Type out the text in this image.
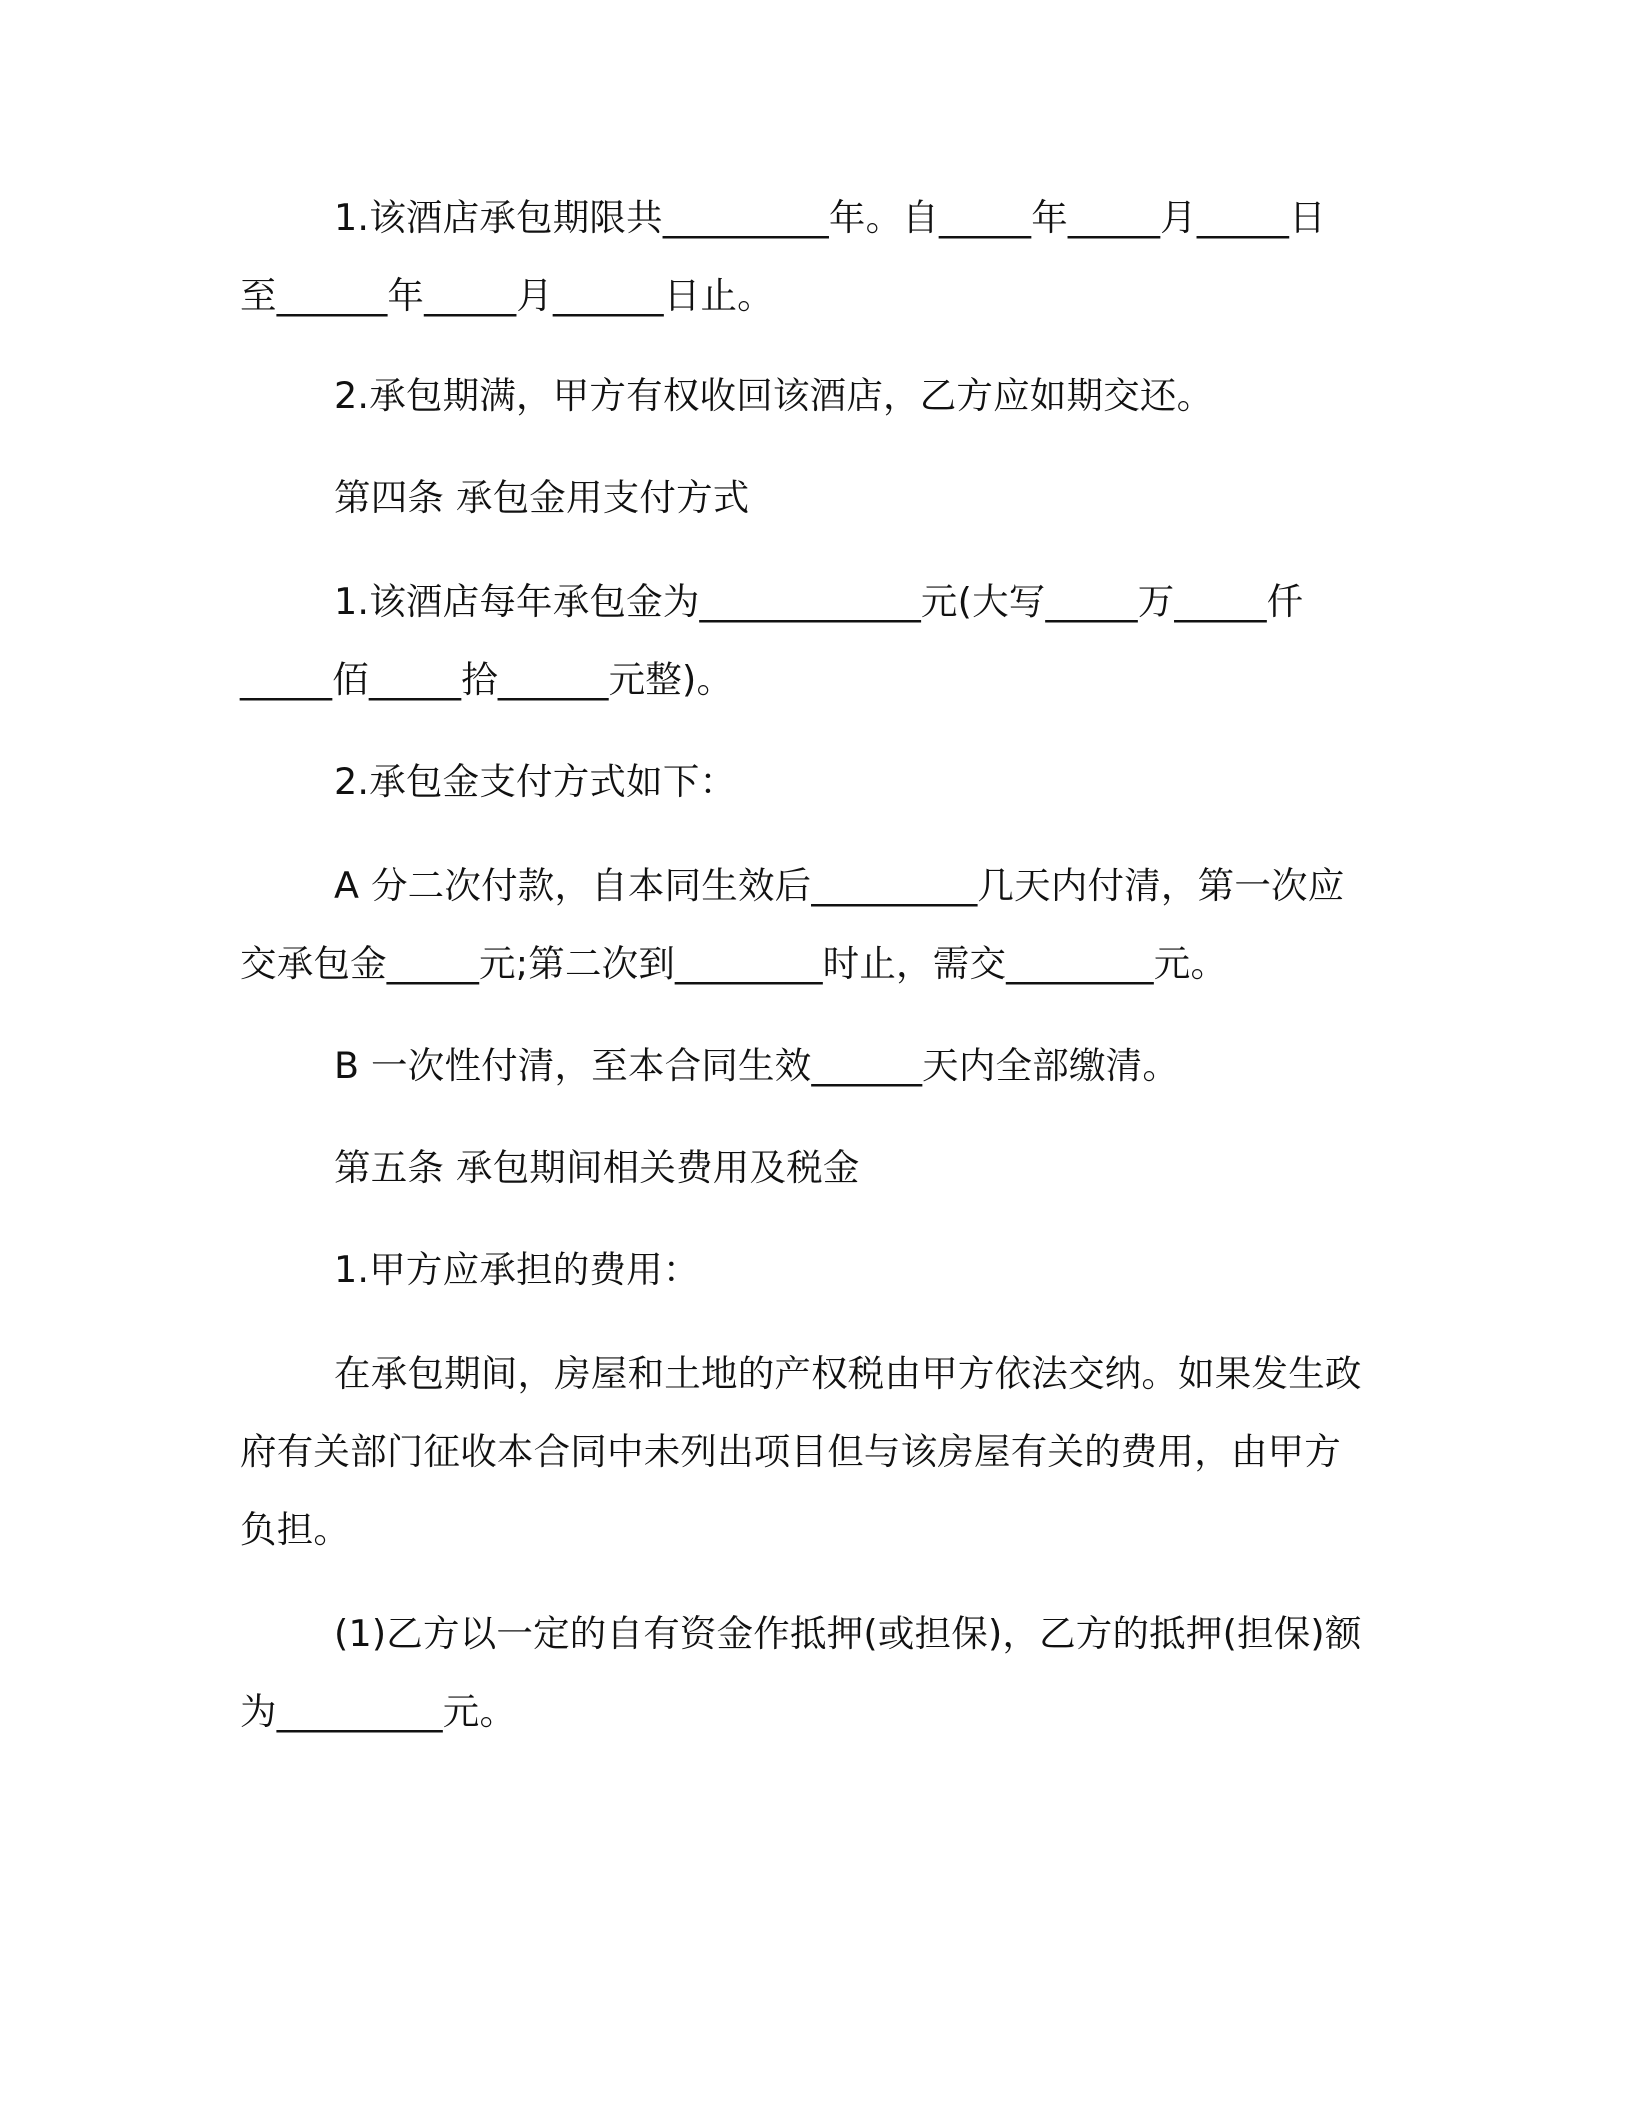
1.该酒店承包期限共_________年。自_____年_____月_____日
至______年_____月______日止。
2.承包期满，甲方有权收回该酒店，乙方应如期交还。
第四条 承包金用支付方式
1.该酒店每年承包金为____________元(大写_____万_____仟
_____佰_____拾______元整)。
2.承包金支付方式如下：
A 分二次付款，自本同生效后_________几天内付清，第一次应
交承包金_____元;第二次到________时止，需交________元。
B 一次性付清，至本合同生效______天内全部缴清。
第五条 承包期间相关费用及税金
1.甲方应承担的费用：
在承包期间，房屋和土地的产权税由甲方依法交纳。如果发生政
府有关部门征收本合同中未列出项目但与该房屋有关的费用，由甲方
负担。
(1)乙方以一定的自有资金作抵押(或担保)，乙方的抵押(担保)额
为_________元。
